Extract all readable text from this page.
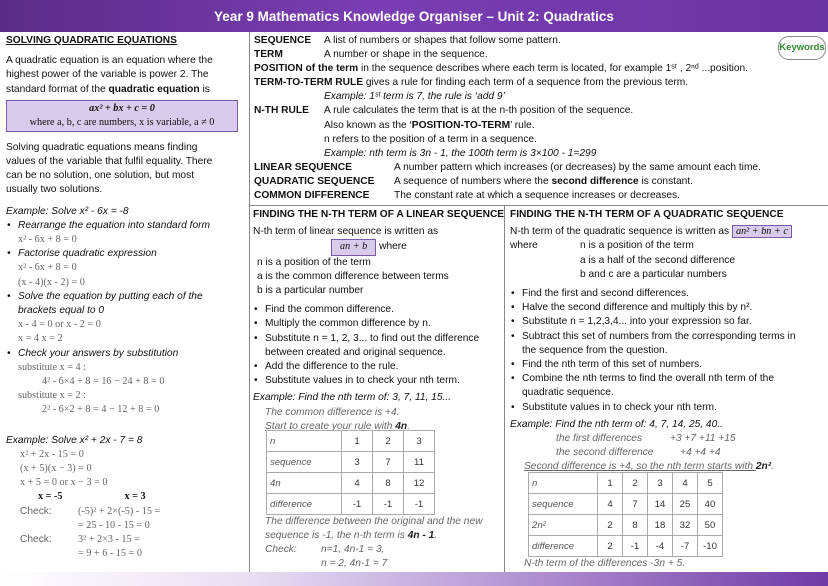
Year 9 Mathematics Knowledge Organiser – Unit 2: Quadratics
Keywords
SOLVING QUADRATIC EQUATIONS
A quadratic equation is an equation where the
highest power of the variable is power 2. The
standard format of the quadratic equation is
ax² + bx + c = 0
where a, b, c are numbers, x is variable, a ≠ 0
Solving quadratic equations means finding
values of the variable that fulfil equality. There
can be no solution, one solution, but most
usually two solutions.
Example: Solve x² - 6x = -8
• Rearrange the equation into standard form
x² - 6x + 8 = 0
• Factorise quadratic expression
x² - 6x + 8 = 0
(x - 4)(x - 2) = 0
• Solve the equation by putting each of the
brackets equal to 0
x - 4 = 0 or x - 2 = 0
x = 4 x = 2
• Check your answers by substitution
substitute x = 4 :
4² - 6×4 + 8 = 16 − 24 + 8 = 0
substitute x = 2 :
2² - 6×2 + 8 = 4 − 12 + 8 = 0
Example: Solve x² + 2x - 7 = 8
x² + 2x - 15 = 0
(x + 5)(x − 3) = 0
x + 5 = 0 or x − 3 = 0
x = -5	x = 3
Check:	(-5)² + 2×(-5) - 15 =
= 25 - 10 - 15 = 0
Check:	3² + 2×3 - 15 =
= 9 + 6 - 15 = 0
SEQUENCE A list of numbers or shapes that follow some pattern.
TERM	A number or shape in the sequence.
POSITION of the term in the sequence describes where each term is located, for example 1ˢᵗ , 2ⁿᵈ ...position.
TERM-TO-TERM RULE gives a rule for finding each term of a sequence from the previous term.
Example: 1ˢᵗ term is 7, the rule is ‘add 9’
N-TH RULE A rule calculates the term that is at the n-th position of the sequence.
Also known as the ‘POSITION-TO-TERM’ rule.
n refers to the position of a term in a sequence.
Example: nth term is 3n - 1, the 100th term is 3×100 - 1=299
LINEAR SEQUENCE	A number pattern which increases (or decreases) by the same amount each time.
QUADRATIC SEQUENCE A sequence of numbers where the second difference is constant.
COMMON DIFFERENCE The constant rate at which a sequence increases or decreases.
FINDING THE N-TH TERM OF A LINEAR SEQUENCE
N-th term of linear sequence is written as
an + b where
n is a position of the term
a is the common difference between terms
b is a particular number
• Find the common difference.
• Multiply the common difference by n.
• Substitute n = 1, 2, 3... to find out the difference
between created and original sequence.
• Add the difference to the rule.
• Substitute values in to check your nth term.
Example: Find the nth term of: 3, 7, 11, 15...
The common difference is +4.
Start to create your rule with 4n.
n	1	2	3
sequence	3	7	11
4n	4	8	12
difference	-1	-1	-1
The difference between the original and the new
sequence is -1, the n-th term is 4n - 1.
Check: n=1, 4n-1 = 3,
n = 2, 4n-1 = 7
FINDING THE N-TH TERM OF A QUADRATIC SEQUENCE
N-th term of the quadratic sequence is written as an² + bn + c
where	n is a position of the term
a is a half of the second difference
b and c are a particular numbers
• Find the first and second differences.
• Halve the second difference and multiply this by n².
• Substitute n = 1,2,3,4... into your expression so far.
• Subtract this set of numbers from the corresponding terms in
the sequence from the question.
• Find the nth term of this set of numbers.
• Combine the nth terms to find the overall nth term of the
quadratic sequence.
• Substitute values in to check your nth term.
Example: Find the nth term of: 4, 7, 14, 25, 40..
the first differences	+3 +7 +11 +15
the second difference	+4 +4 +4
Second difference is +4, so the nth term starts with 2n².
n	1	2	3	4	5
sequence	4	7	14	25	40
2n²	2	8	18	32	50
difference	2	-1	-4	-7	-10
N-th term of the differences -3n + 5.
